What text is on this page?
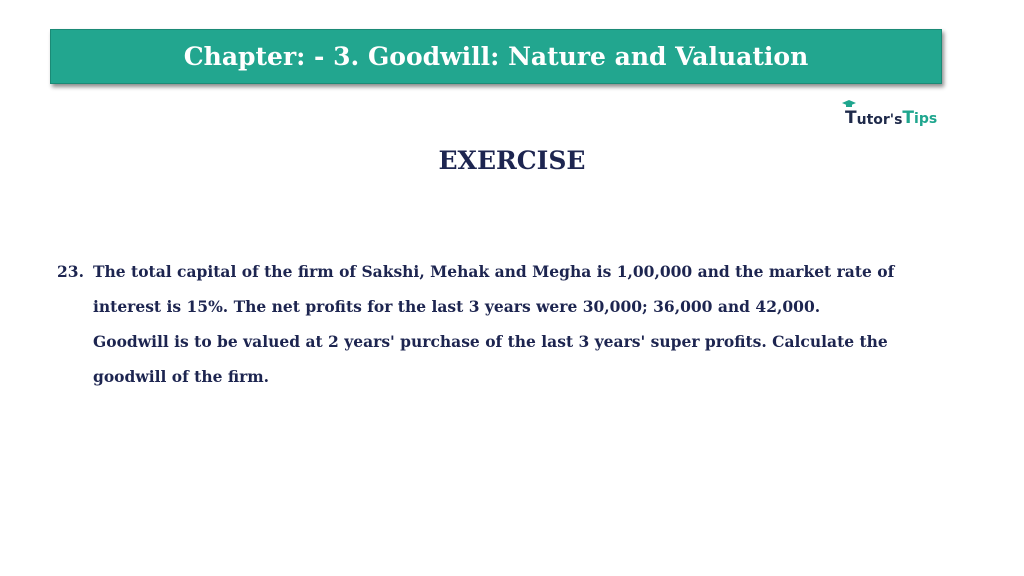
Chapter: - 3. Goodwill: Nature and Valuation
T utor's Tips
EXERCISE
23. The total capital of the firm of Sakshi, Mehak and Megha is 1,00,000 and the market rate of
interest is 15%. The net profits for the last 3 years were 30,000; 36,000 and 42,000.
Goodwill is to be valued at 2 years' purchase of the last 3 years' super profits. Calculate the
goodwill of the firm.
